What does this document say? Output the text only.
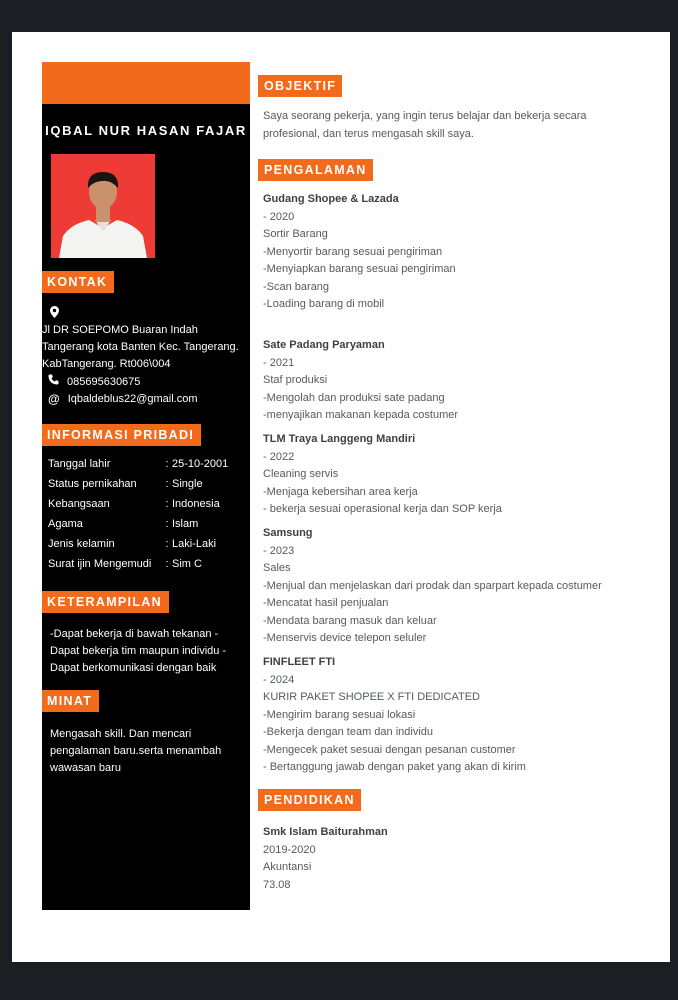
IQBAL NUR HASAN FAJAR
KONTAK
Jl DR SOEPOMO Buaran Indah
Tangerang kota Banten Kec. Tangerang.
KabTangerang. Rt006\004
085695630675
@ Iqbaldeblus22@gmail.com
INFORMASI PRIBADI
Tanggal lahir	:	25-10-2001
Status pernikahan	:	Single
Kebangsaan	:	Indonesia
Agama	:	Islam
Jenis kelamin	:	Laki-Laki
Surat ijin Mengemudi	:	Sim C
KETERAMPILAN
-Dapat bekerja di bawah tekanan -
Dapat bekerja tim maupun individu -
Dapat berkomunikasi dengan baik
MINAT
Mengasah skill. Dan mencari
pengalaman baru.serta menambah
wawasan baru
OBJEKTIF
Saya seorang pekerja, yang ingin terus belajar dan bekerja secara
profesional, dan terus mengasah skill saya.
PENGALAMAN
Gudang Shopee & Lazada
- 2020
Sortir Barang
-Menyortir barang sesuai pengiriman
-Menyiapkan barang sesuai pengiriman
-Scan barang
-Loading barang di mobil
Sate Padang Paryaman
- 2021
Staf produksi
-Mengolah dan produksi sate padang
-menyajikan makanan kepada costumer
TLM Traya Langgeng Mandiri
- 2022
Cleaning servis
-Menjaga kebersihan area kerja
- bekerja sesuai operasional kerja dan SOP kerja
Samsung
- 2023
Sales
-Menjual dan menjelaskan dari prodak dan sparpart kepada costumer
-Mencatat hasil penjualan
-Mendata barang masuk dan keluar
-Menservis device telepon seluler
FINFLEET FTI
- 2024
KURIR PAKET SHOPEE X FTI DEDICATED
-Mengirim barang sesuai lokasi
-Bekerja dengan team dan individu
-Mengecek paket sesuai dengan pesanan customer
- Bertanggung jawab dengan paket yang akan di kirim
PENDIDIKAN
Smk Islam Baiturahman
2019-2020
Akuntansi
73.08
